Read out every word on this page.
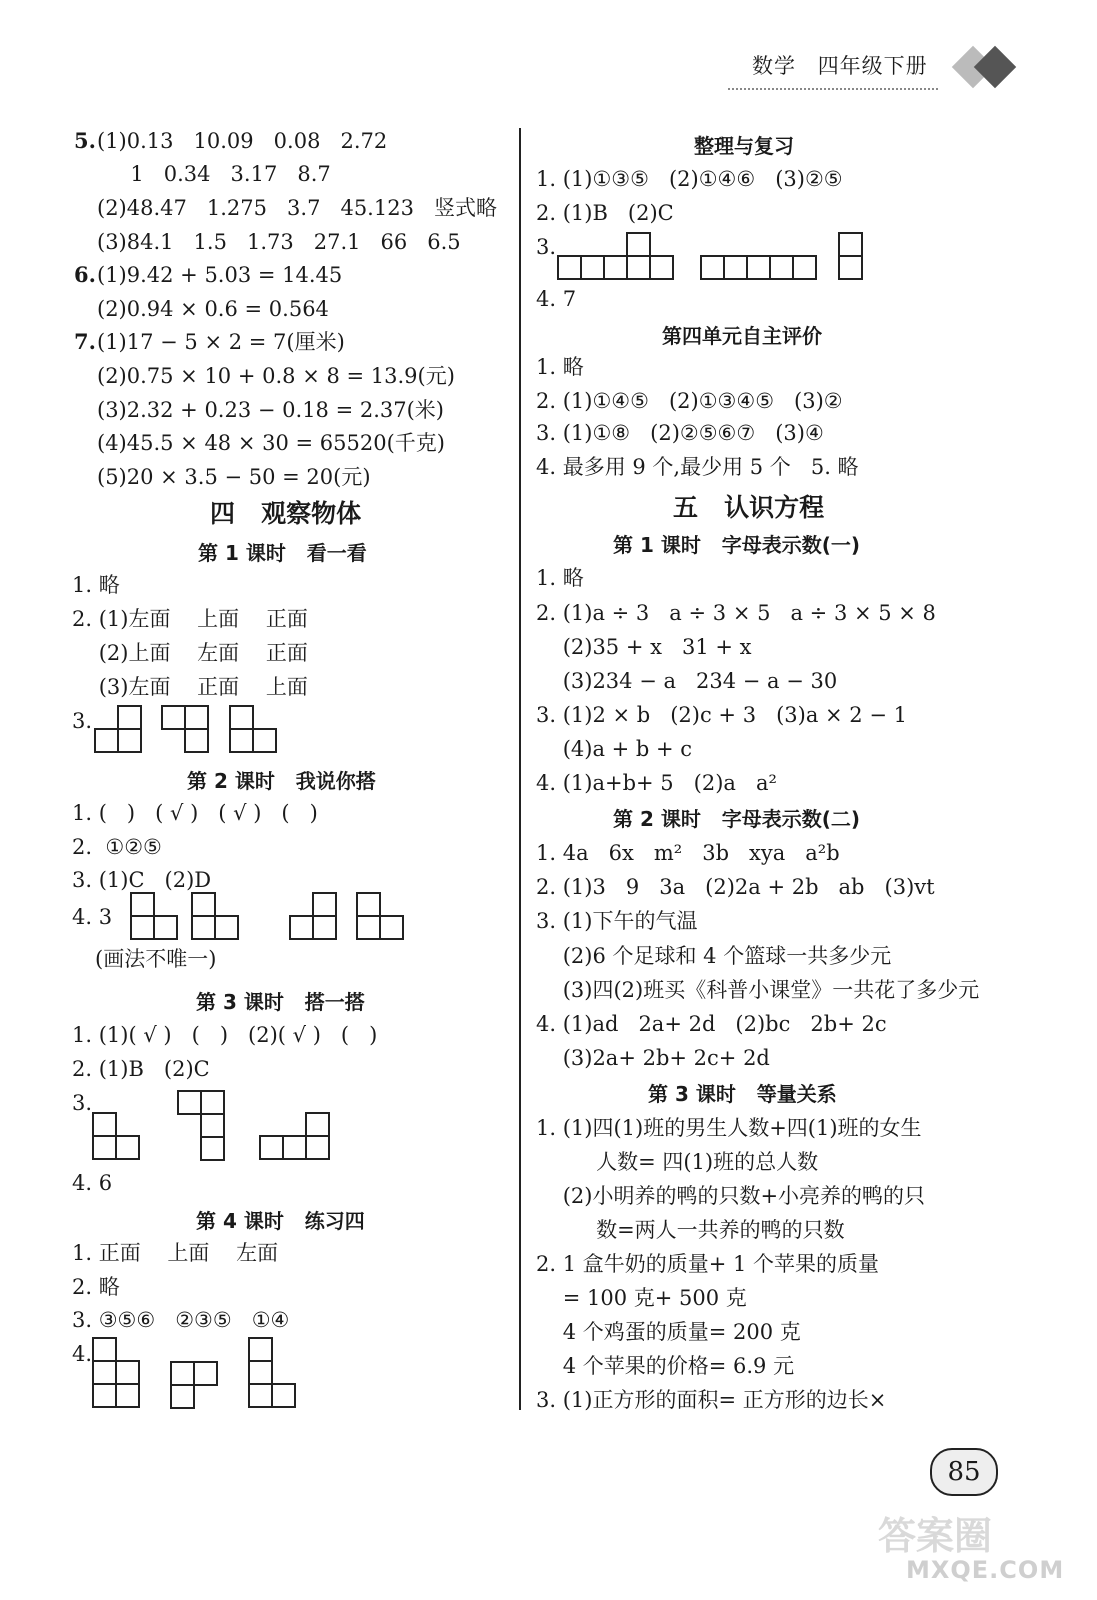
数学 四年级下册
四   观察物体
第 1 课时   看一看
第 2 课时   我说你搭
第 3 课时   搭一搭
第 4 课时   练习四
整理与复习
第四单元自主评价
五   认识方程
第 1 课时   字母表示数(一)
第 2 课时   字母表示数(二)
第 3 课时   等量关系
5. (1)0.13   10.09   0.08   2.72
1   0.34   3.17   8.7
(2)48.47   1.275   3.7   45.123   竖式略
(3)84.1   1.5   1.73   27.1   66   6.5
6. (1)9.42 + 5.03 = 14.45
(2)0.94 × 0.6 = 0.564
7. (1)17 − 5 × 2 = 7(厘米)
(2)0.75 × 10 + 0.8 × 8 = 13.9(元)
(3)2.32 + 0.23 − 0.18 = 2.37(米)
(4)45.5 × 48 × 30 = 65520(千克)
(5)20 × 3.5 − 50 = 20(元)
1. 略
2. (1)左面    上面    正面
(2)上面    左面    正面
(3)左面    正面    上面
3.
1. (   )   ( √ )   ( √ )   (   )
2.  ①②⑤
3. (1)C   (2)D
4. 3
(画法不唯一)
1. (1)( √ )   (   )   (2)( √ )   (   )
2. (1)B   (2)C
3.
4. 6
1. 正面    上面    左面
2. 略
3. ③⑤⑥   ②③⑤   ①④
4.
1. (1)①③⑤   (2)①④⑥   (3)②⑤
2. (1)B   (2)C
3.
4. 7
1. 略
2. (1)①④⑤   (2)①③④⑤   (3)②
3. (1)①⑧   (2)②⑤⑥⑦   (3)④
4. 最多用 9 个,最少用 5 个   5. 略
1. 略
2. (1)a ÷ 3   a ÷ 3 × 5   a ÷ 3 × 5 × 8
(2)35 + x   31 + x
(3)234 − a   234 − a − 30
3. (1)2 × b   (2)c + 3   (3)a × 2 − 1
(4)a + b + c
4. (1)a+b+ 5   (2)a   a²
1. 4a   6x   m²   3b   xya   a²b
2. (1)3   9   3a   (2)2a + 2b   ab   (3)vt
3. (1)下午的气温
(2)6 个足球和 4 个篮球一共多少元
(3)四(2)班买《科普小课堂》一共花了多少元
4. (1)ad   2a+ 2d   (2)bc   2b+ 2c
(3)2a+ 2b+ 2c+ 2d
1. (1)四(1)班的男生人数+四(1)班的女生
人数= 四(1)班的总人数
(2)小明养的鸭的只数+小亮养的鸭的只
数=两人一共养的鸭的只数
2. 1 盒牛奶的质量+ 1 个苹果的质量
= 100 克+ 500 克
4 个鸡蛋的质量= 200 克
4 个苹果的价格= 6.9 元
3. (1)正方形的面积= 正方形的边长×
85
答案圈
MXQE.COM
